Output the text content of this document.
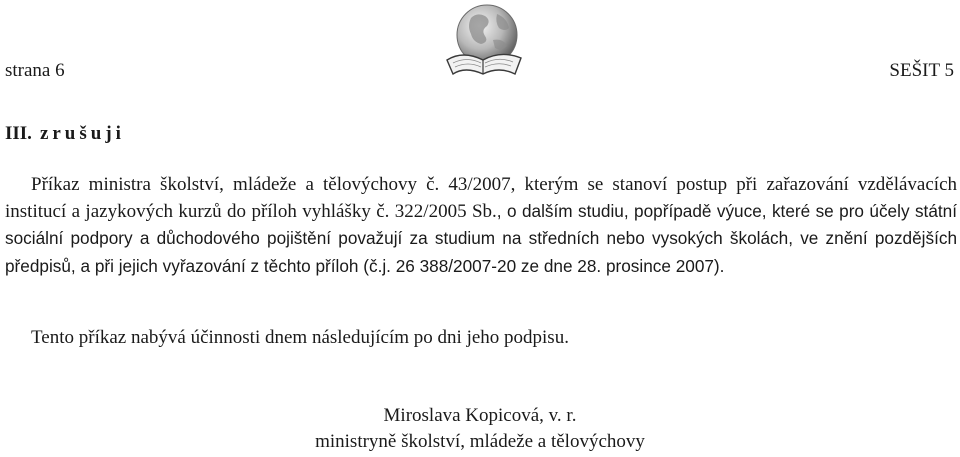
strana 6	SEŠIT 5
III. zrušuji
Příkaz ministra školství, mládeže a tělovýchovy č. 43/2007, kterým se stanoví postup při zařazování vzdělávacích institucí a jazykových kurzů do příloh vyhlášky č. 322/2005 Sb., o dalším studiu, popřípadě výuce, které se pro účely státní sociální podpory a důchodového pojištění považují za studium na středních nebo vysokých školách, ve znění pozdějších předpisů, a při jejich vyřazování z těchto příloh (č.j. 26 388/2007-20 ze dne 28. prosince 2007).
Tento příkaz nabývá účinnosti dnem následujícím po dni jeho podpisu.
Miroslava Kopicová, v. r.
ministryně školství, mládeže a tělovýchovy
